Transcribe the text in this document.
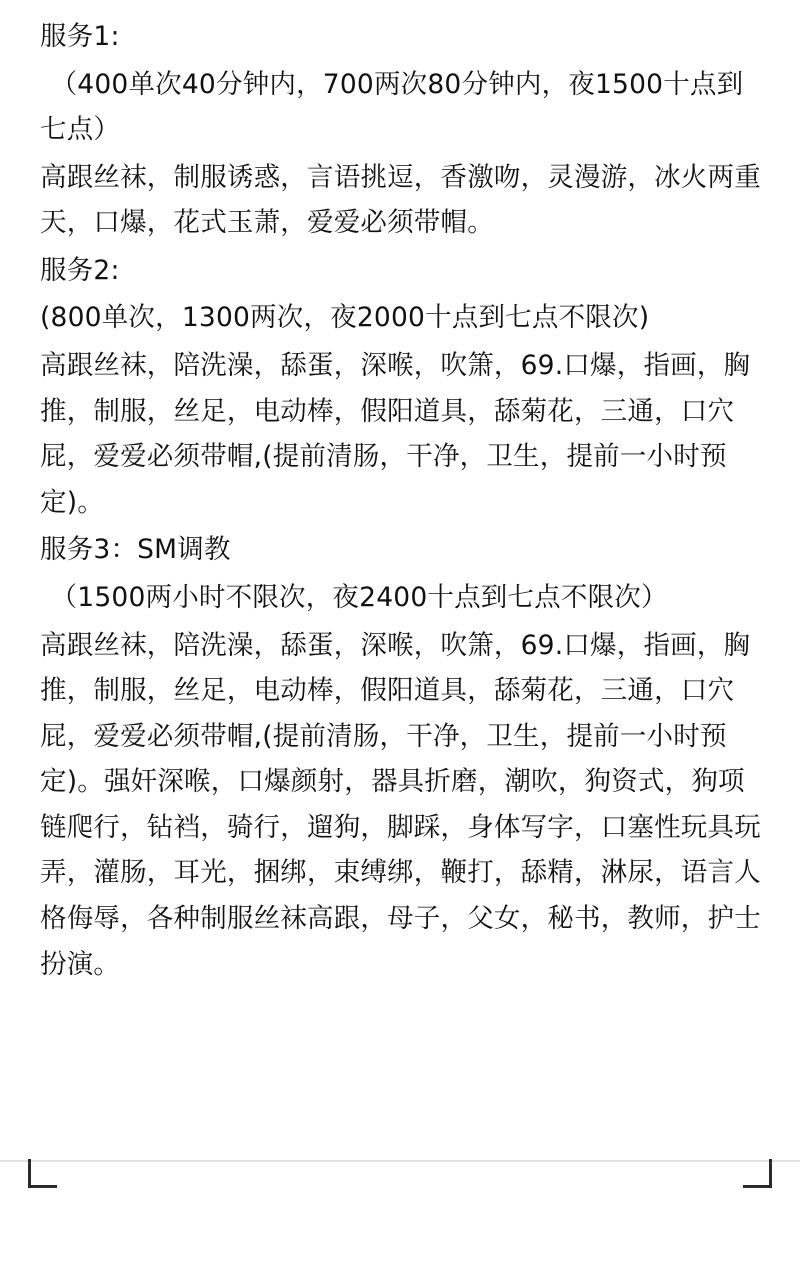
服务1:

（400单次40分钟内，700两次80分钟内，夜1500十点到七点）

高跟丝袜，制服诱惑，言语挑逗，香激吻，灵漫游，冰火两重天，口爆，花式玉萧，爱爱必须带帽。

服务2:

(800单次，1300两次，夜2000十点到七点不限次)

高跟丝袜，陪洗澡，舔蛋，深喉，吹箫，69.口爆，指画，胸推，制服，丝足，电动棒，假阳道具，舔菊花，三通，口穴屁，爱爱必须带帽,(提前清肠，干净，卫生，提前一小时预定)。

服务3：SM调教

（1500两小时不限次，夜2400十点到七点不限次）

高跟丝袜，陪洗澡，舔蛋，深喉，吹箫，69.口爆，指画，胸推，制服，丝足，电动棒，假阳道具，舔菊花，三通，口穴屁，爱爱必须带帽,(提前清肠，干净，卫生，提前一小时预定)。强奸深喉，口爆颜射，器具折磨，潮吹，狗资式，狗项链爬行，钻裆，骑行，遛狗，脚踩，身体写字，口塞性玩具玩弄，灌肠，耳光，捆绑，束缚绑，鞭打，舔精，淋尿，语言人格侮辱，各种制服丝袜高跟，母子，父女，秘书，教师，护士扮演。
